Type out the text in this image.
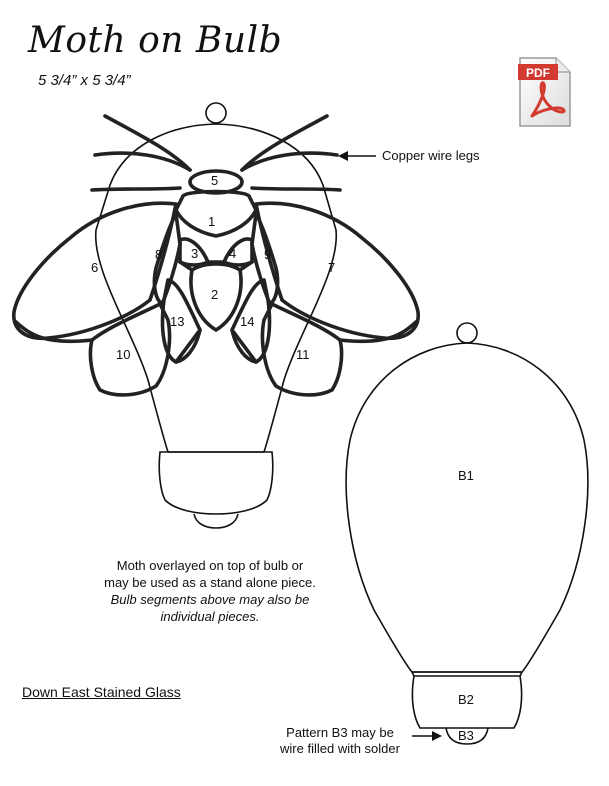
Moth on Bulb
5 3/4” x 5 3/4”	PDF
5
1
3 4
2
8	9
6	7
13	14
10	11
B1
B2
B3
Copper wire legs
Moth overlayed on top of bulb or
may be used as a stand alone piece.
Bulb segments above may also be
individual pieces.
Down East Stained Glass
Pattern B3 may be wire filled with solder
